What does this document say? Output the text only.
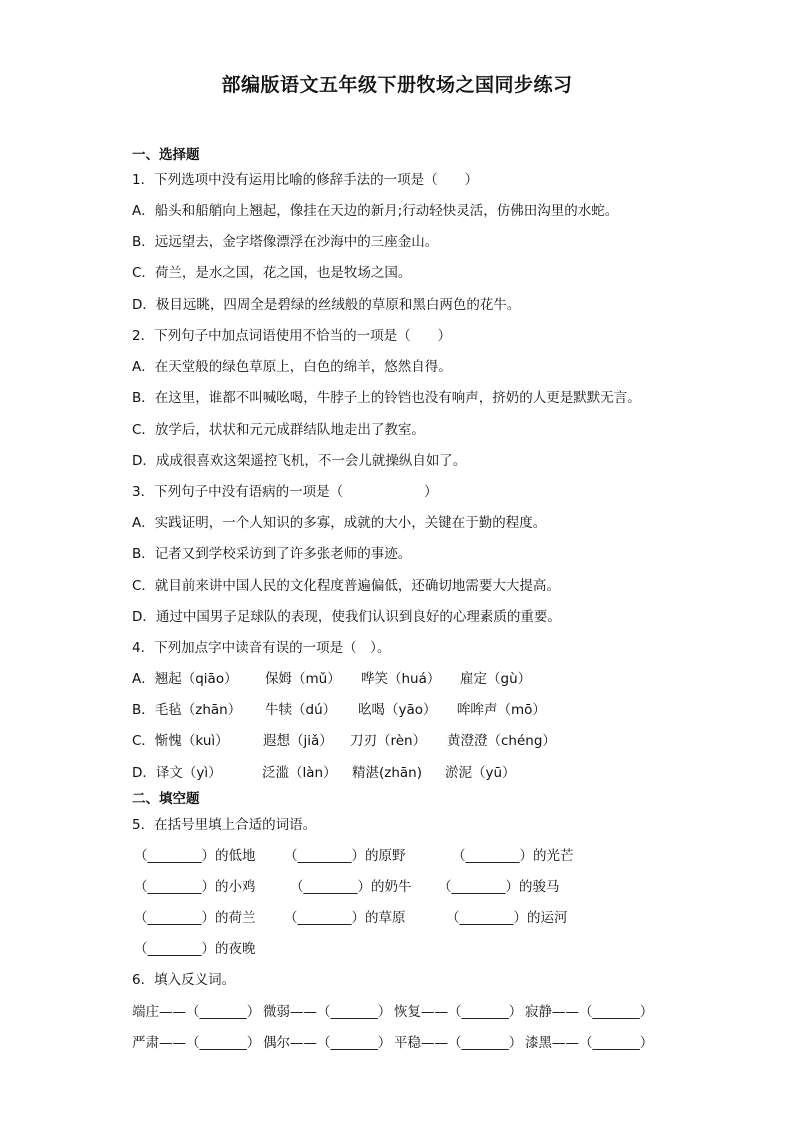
部编版语文五年级下册牧场之国同步练习
一、选择题
1．下列选项中没有运用比喻的修辞手法的一项是（　　）
A．船头和船艄向上翘起，像挂在天边的新月;行动轻快灵活，仿佛田沟里的水蛇。
B．远远望去，金字塔像漂浮在沙海中的三座金山。
C．荷兰，是水之国，花之国，也是牧场之国。
D．极目远眺，四周全是碧绿的丝绒般的草原和黑白两色的花牛。
2．下列句子中加点词语使用不恰当的一项是（　　）
A．在天堂般的绿色草原上，白色的绵羊，悠然自得。
B．在这里，谁都不叫喊吆喝，牛脖子上的铃铛也没有响声，挤奶的人更是默默无言。
C．放学后，状状和元元成群结队地走出了教室。
D．成成很喜欢这架遥控飞机，不一会儿就操纵自如了。
3．下列句子中没有语病的一项是（　　　　　　）
A．实践证明，一个人知识的多寡，成就的大小，关键在于勤的程度。
B．记者又到学校采访到了许多张老师的事迹。
C．就目前来讲中国人民的文化程度普遍偏低，还确切地需要大大提高。
D．通过中国男子足球队的表现，使我们认识到良好的心理素质的重要。
4．下列加点字中读音有误的一项是（　）。
A．翘起（qiāo） 保姆（mǔ） 哗笑（huá） 雇定（gù）
B．毛毡（zhān） 牛犊（dú） 吆喝（yāo） 哞哞声（mō）
C．惭愧（kuì）	遐想（jiǎ） 刀刃（rèn） 黄澄澄（chéng）
D．译文（yì）	泛滥（làn） 精湛(zhān) 淤泥（yū）
二、填空题
5．在括号里填上合适的词语。
（________）的低地 （________）的原野	（________）的光芒
（________）的小鸡	（________）的奶牛 （________）的骏马
（________）的荷兰 （________）的草原	（________）的运河
（________）的夜晚
6．填入反义词。
端庄——（_______） 微弱——（_______） 恢复——（_______） 寂静——（_______）
严肃——（_______） 偶尔——（_______） 平稳——（_______） 漆黑——（_______）
